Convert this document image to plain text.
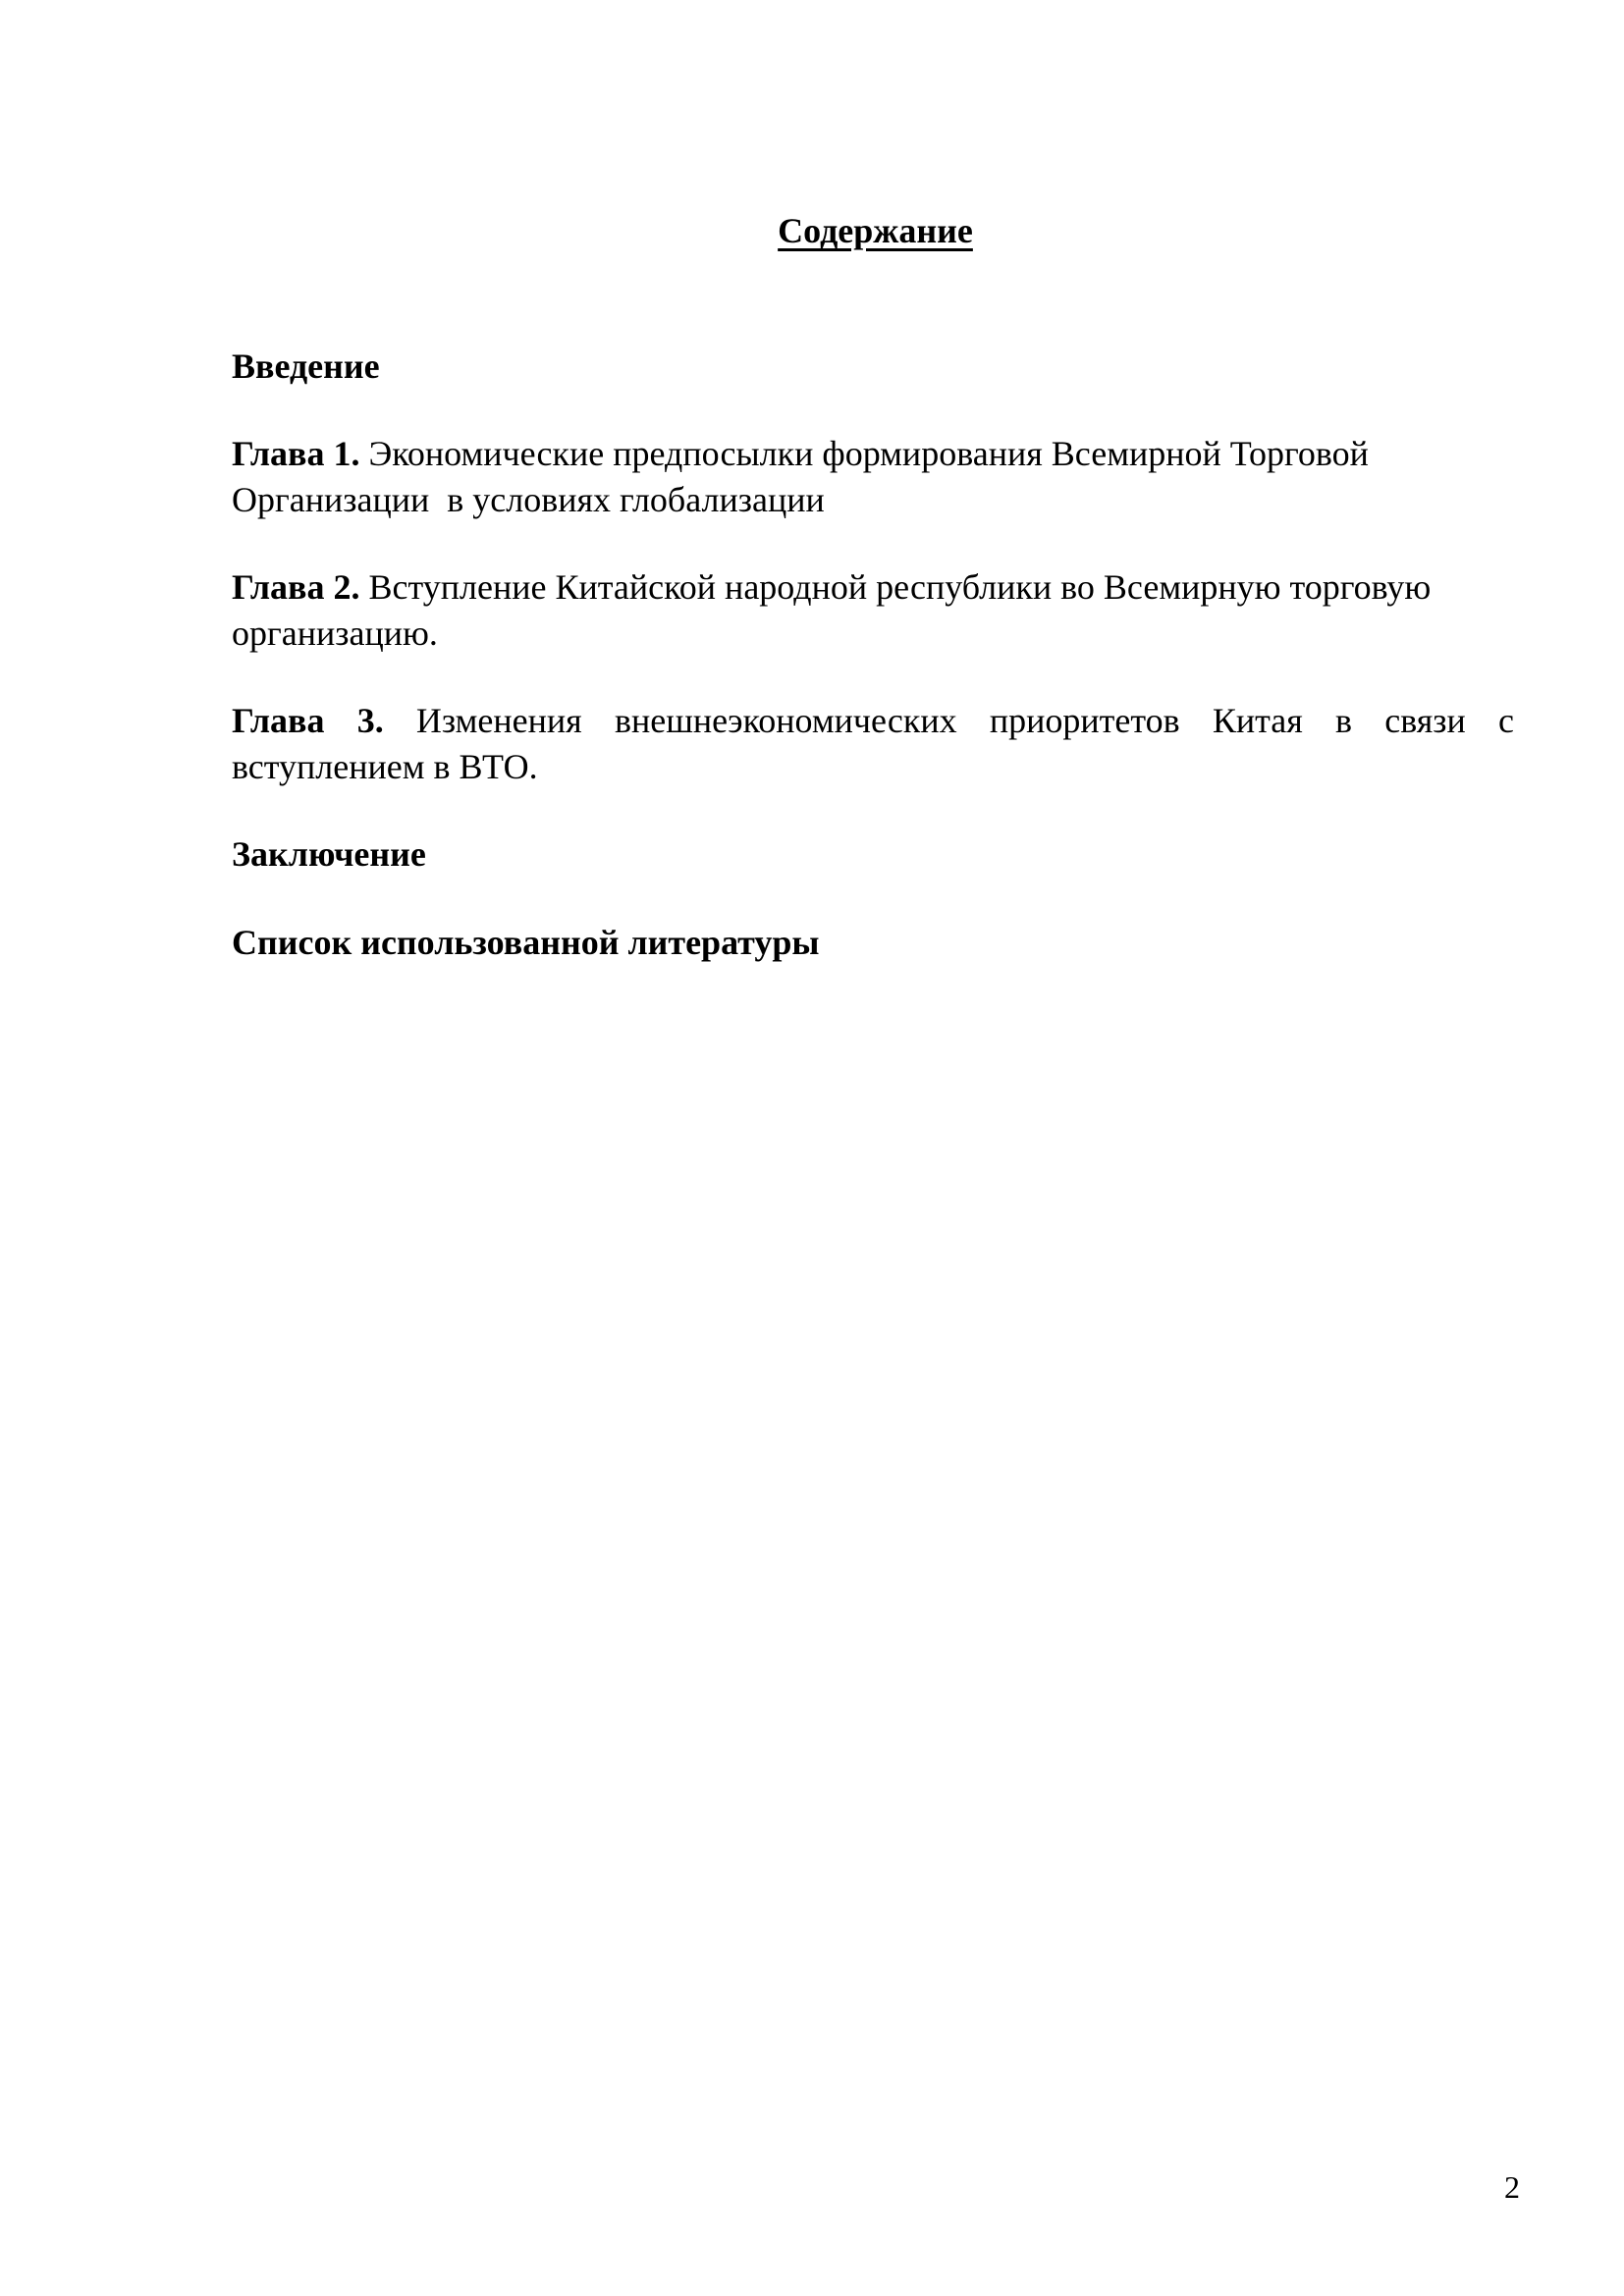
Содержание
Введение
Глава 1. Экономические предпосылки формирования Всемирной Торговой Организации  в условиях глобализации
Глава 2. Вступление Китайской народной республики во Всемирную торговую организацию.
Глава 3. Изменения внешнеэкономических приоритетов Китая в связи с вступлением в ВТО.
Заключение
Список использованной литературы
2
